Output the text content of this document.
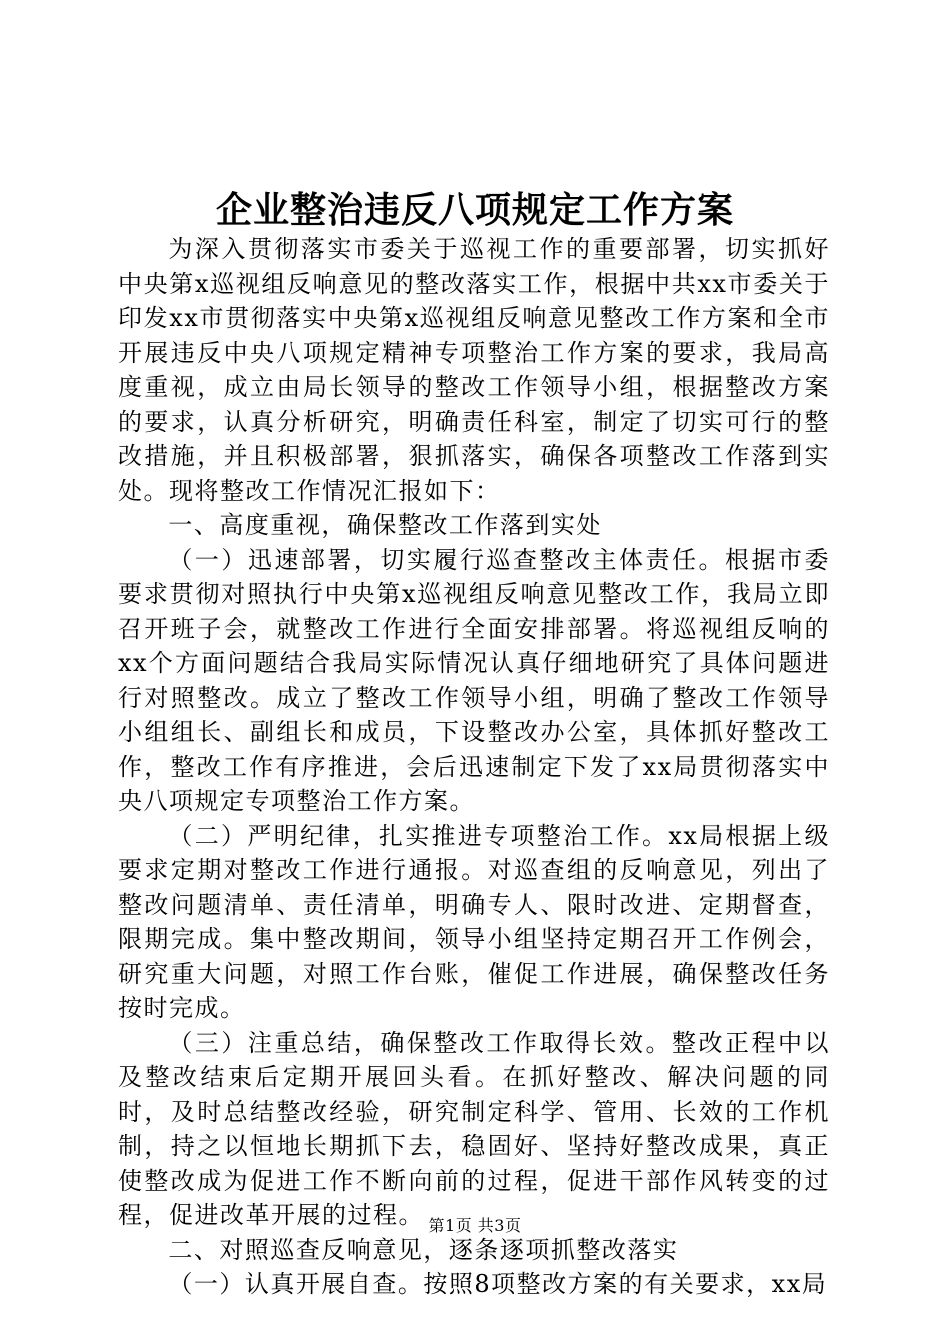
企业整治违反八项规定工作方案

为深入贯彻落实市委关于巡视工作的重要部署，切实抓好中央第x巡视组反响意见的整改落实工作，根据中共xx市委关于印发xx市贯彻落实中央第x巡视组反响意见整改工作方案和全市开展违反中央八项规定精神专项整治工作方案的要求，我局高度重视，成立由局长领导的整改工作领导小组，根据整改方案的要求，认真分析研究，明确责任科室，制定了切实可行的整改措施，并且积极部署，狠抓落实，确保各项整改工作落到实处。现将整改工作情况汇报如下：

一、高度重视，确保整改工作落到实处

（一）迅速部署，切实履行巡查整改主体责任。根据市委要求贯彻对照执行中央第x巡视组反响意见整改工作，我局立即召开班子会，就整改工作进行全面安排部署。将巡视组反响的xx个方面问题结合我局实际情况认真仔细地研究了具体问题进行对照整改。成立了整改工作领导小组，明确了整改工作领导小组组长、副组长和成员，下设整改办公室，具体抓好整改工作，整改工作有序推进，会后迅速制定下发了xx局贯彻落实中央八项规定专项整治工作方案。

（二）严明纪律，扎实推进专项整治工作。xx局根据上级要求定期对整改工作进行通报。对巡查组的反响意见，列出了整改问题清单、责任清单，明确专人、限时改进、定期督查，限期完成。集中整改期间，领导小组坚持定期召开工作例会，研究重大问题，对照工作台账，催促工作进展，确保整改任务按时完成。

（三）注重总结，确保整改工作取得长效。整改正程中以及整改结束后定期开展回头看。在抓好整改、解决问题的同时，及时总结整改经验，研究制定科学、管用、长效的工作机制，持之以恒地长期抓下去，稳固好、坚持好整改成果，真正使整改成为促进工作不断向前的过程，促进干部作风转变的过程，促进改革开展的过程。

二、对照巡查反响意见，逐条逐项抓整改落实

（一）认真开展自查。按照8项整改方案的有关要求，xx局

第1页 共3页
